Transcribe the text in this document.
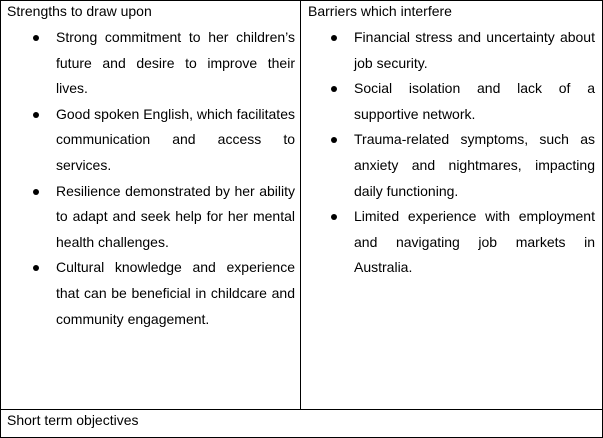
Strengths to draw upon
Strong commitment to her children’s future and desire to improve their lives.
Good spoken English, which facilitates communication and access to services.
Resilience demonstrated by her ability to adapt and seek help for her mental health challenges.
Cultural knowledge and experience that can be beneficial in childcare and community engagement.
Barriers which interfere
Financial stress and uncertainty about job security.
Social isolation and lack of a supportive network.
Trauma-related symptoms, such as anxiety and nightmares, impacting daily functioning.
Limited experience with employment and navigating job markets in Australia.
Short term objectives
